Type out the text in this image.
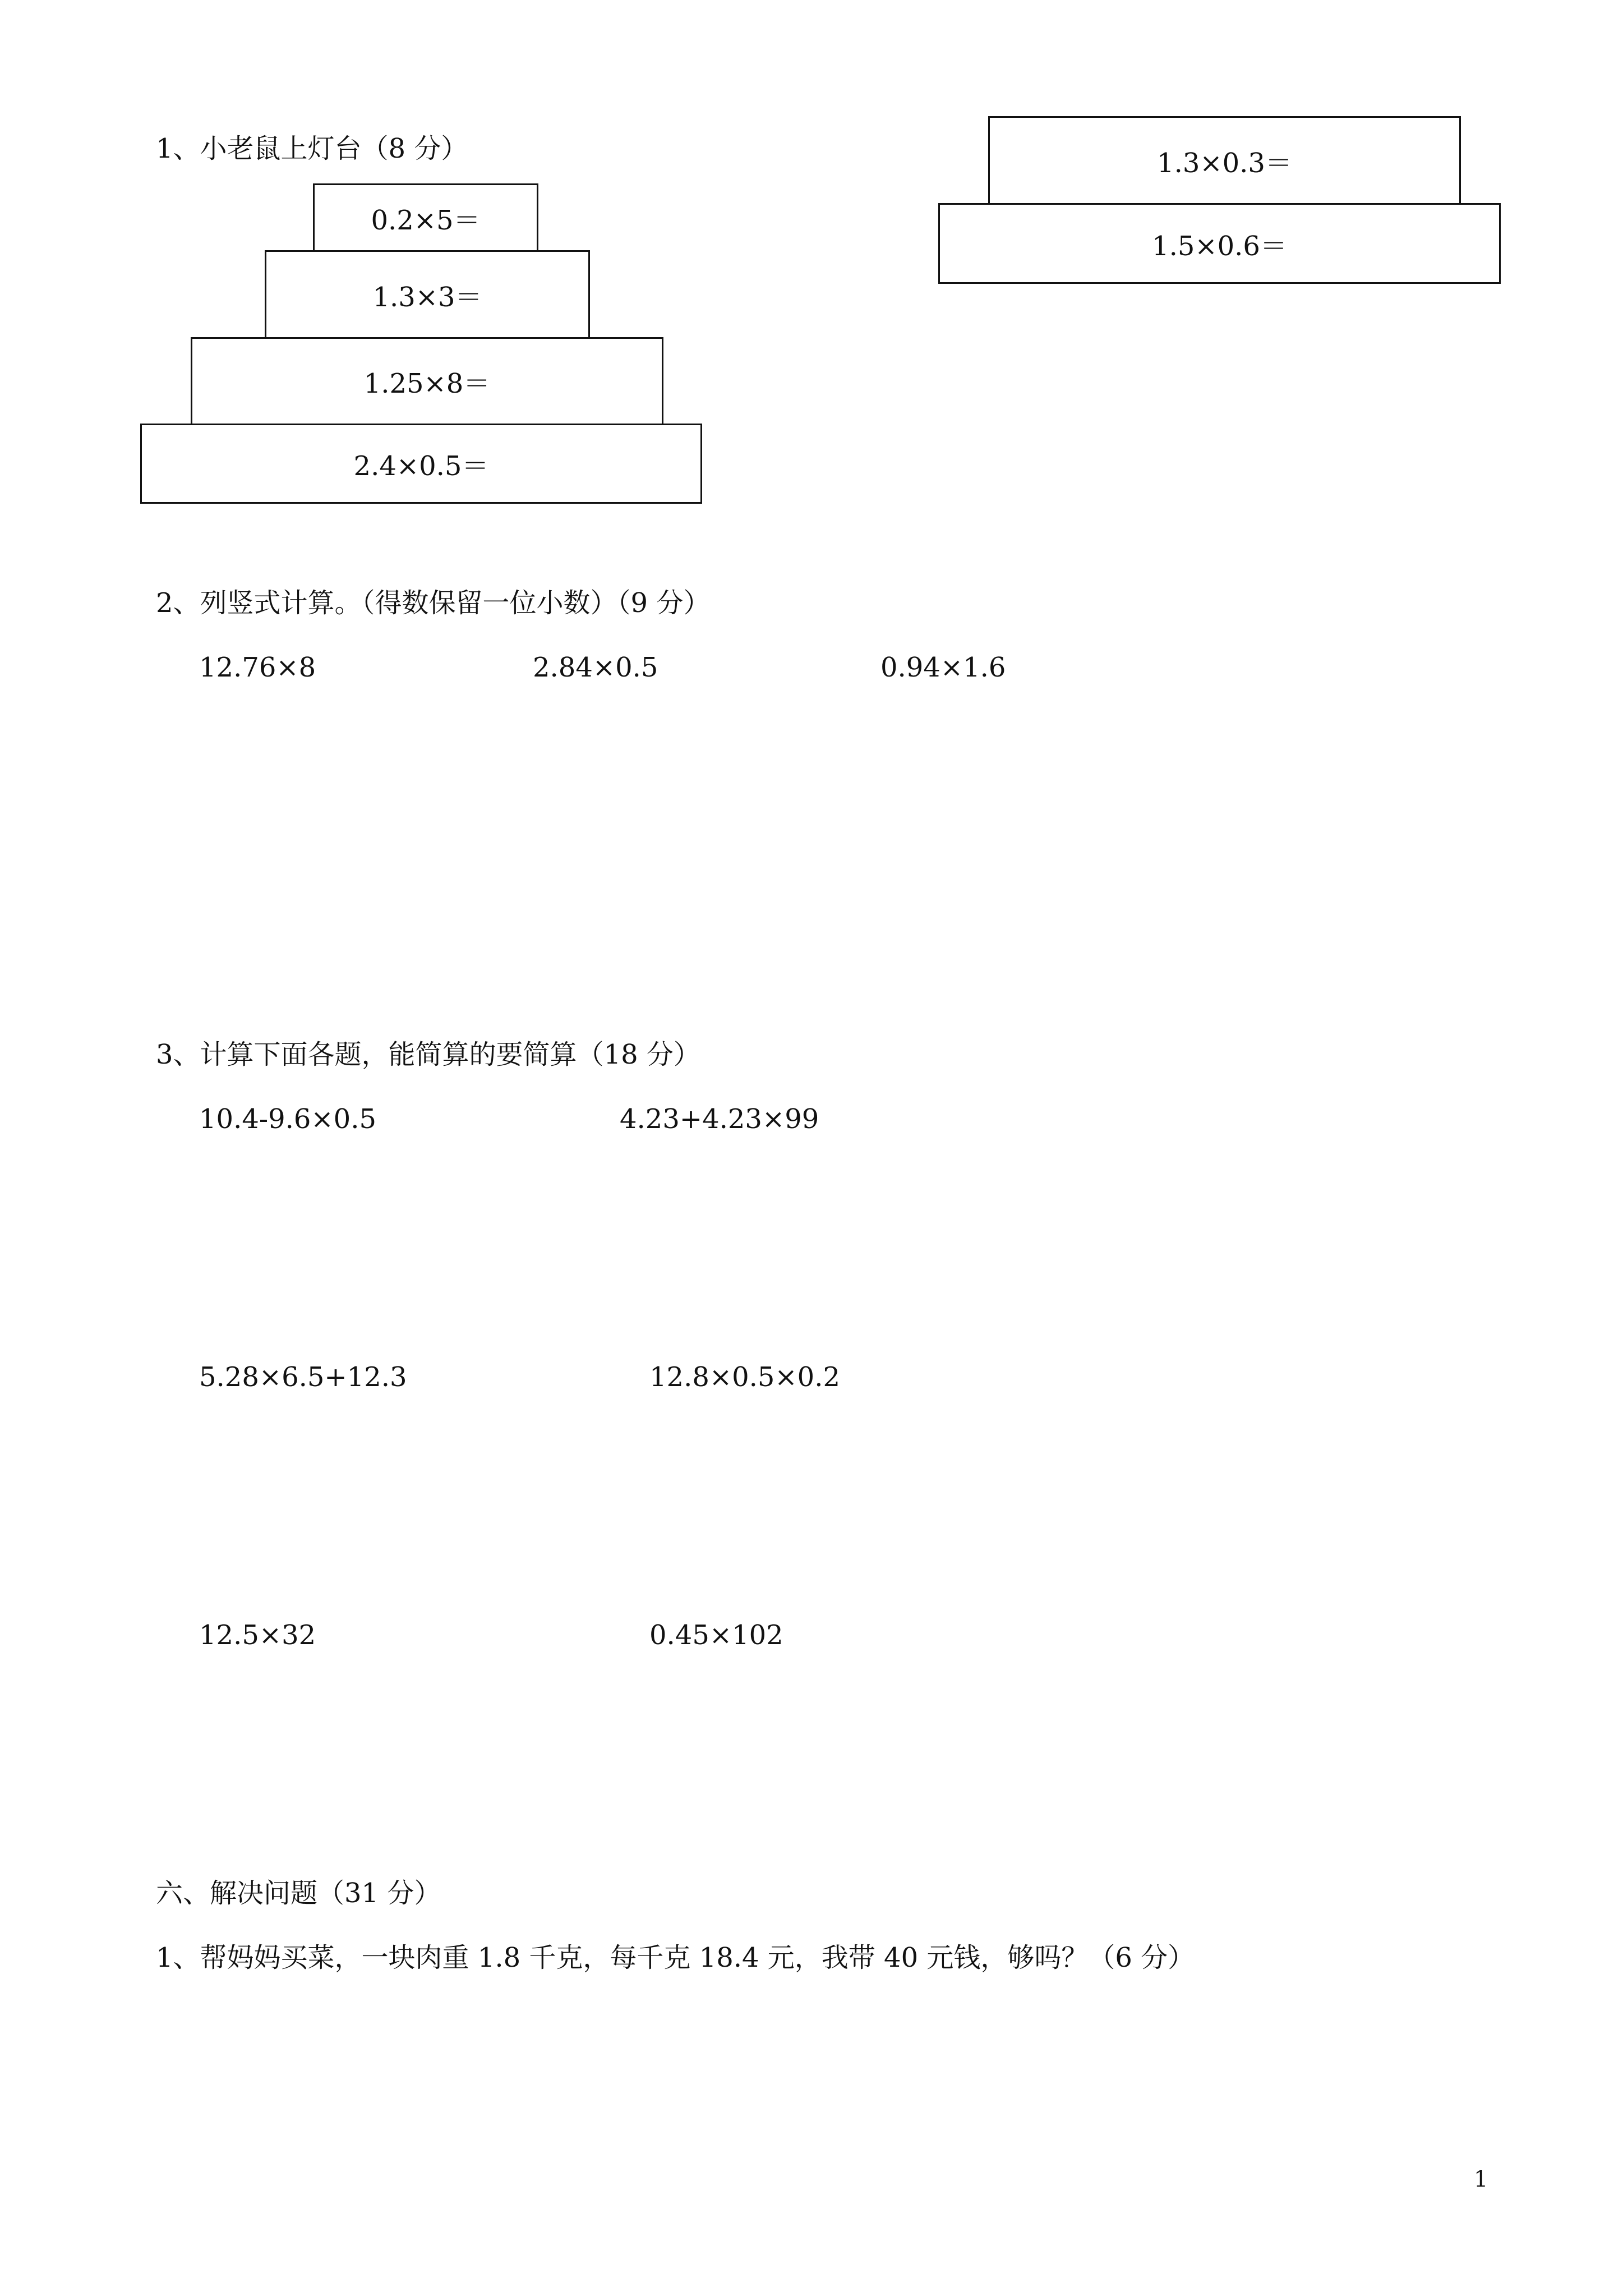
1、小老鼠上灯台（8 分）
0.2×5＝
1.3×3＝
1.25×8＝
2.4×0.5＝
1.3×0.3＝
1.5×0.6＝
2、列竖式计算。（得数保留一位小数）（9 分）
12.76×8	2.84×0.5	0.94×1.6
3、计算下面各题，能简算的要简算（18 分）
10.4-9.6×0.5	4.23+4.23×99
5.28×6.5+12.3	12.8×0.5×0.2
12.5×32	0.45×102
六、解决问题（31 分）
1、帮妈妈买菜，一块肉重 1.8 千克，每千克 18.4 元，我带 40 元钱，够吗？（6 分）
1
